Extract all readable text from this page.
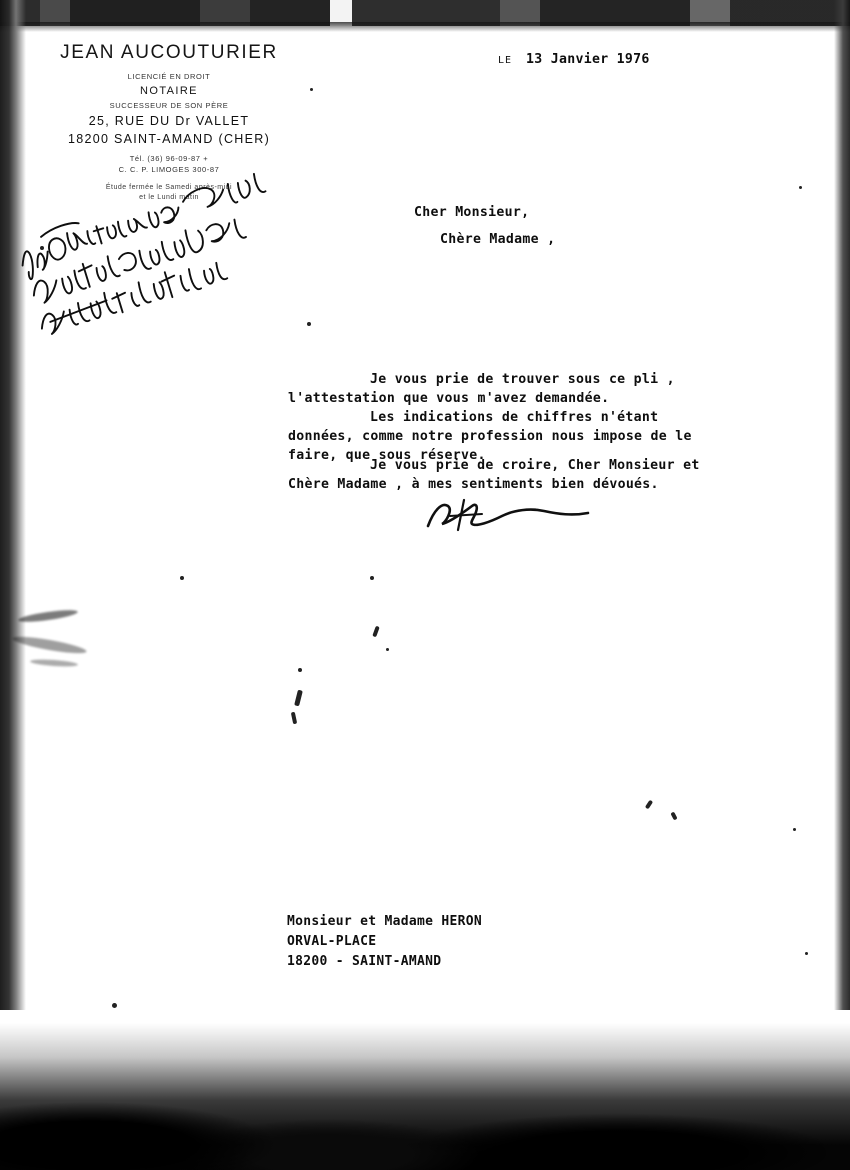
JEAN AUCOUTURIER
LICENCIÉ EN DROIT
NOTAIRE
SUCCESSEUR DE SON PÈRE
25, RUE DU Dr VALLET
18200 SAINT-AMAND (CHER)
Tél. (36) 96-09-87 +
C. C. P. LIMOGES 300-87
Étude fermée le Samedi après-midi
et le Lundi matin
LE 13 Janvier 1976
Cher Monsieur,
Chère Madame ,
Je vous prie de trouver sous ce pli ,
l'attestation que vous m'avez demandée.
Les indications de chiffres n'étant
données, comme notre profession nous impose de le
faire, que sous réserve.
Je vous prie de croire, Cher Monsieur et
Chère Madame , à mes sentiments bien dévoués.
Monsieur et Madame HERON
ORVAL-PLACE
18200 - SAINT-AMAND
